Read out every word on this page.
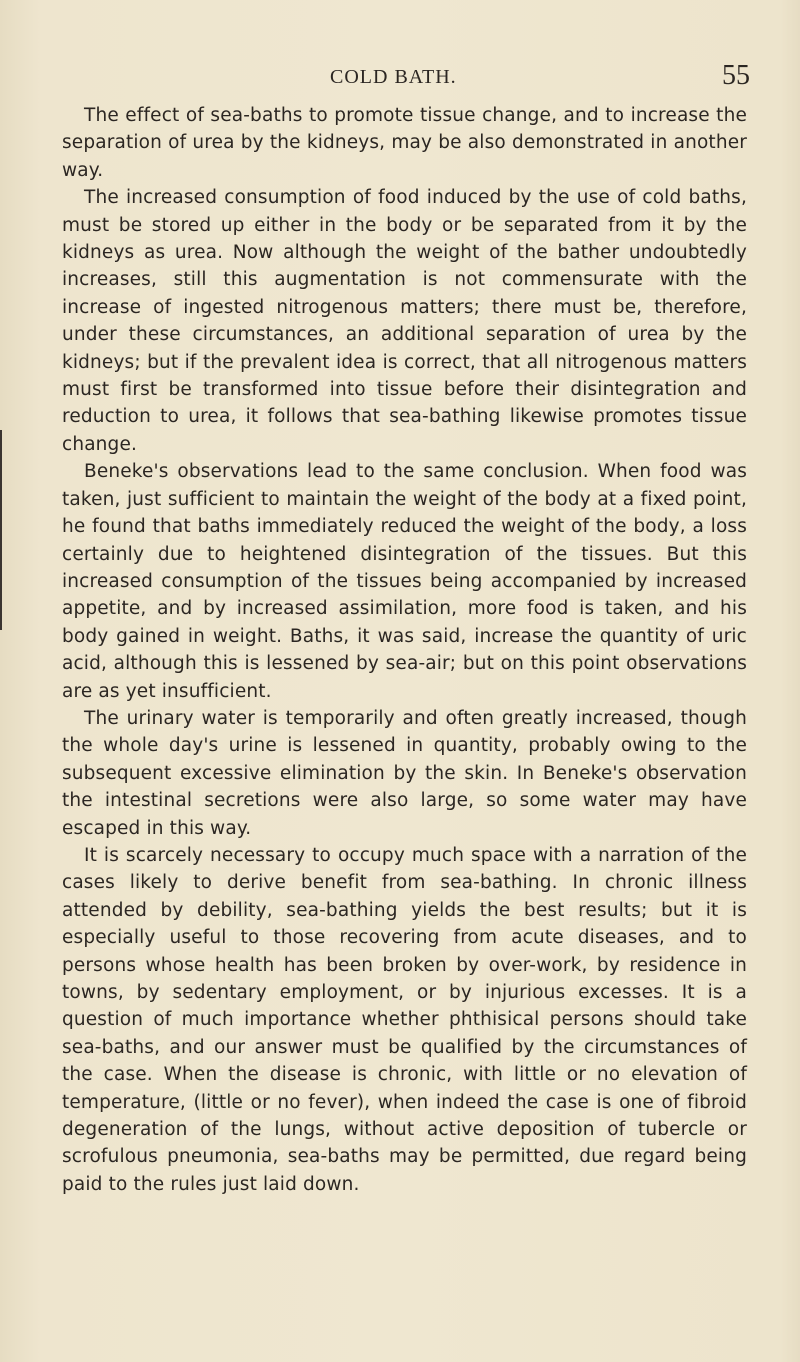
COLD BATH.	55

The effect of sea-baths to promote tissue change, and to increase the separation of urea by the kidneys, may be also demonstrated in another way.

The increased consumption of food induced by the use of cold baths, must be stored up either in the body or be separated from it by the kidneys as urea. Now although the weight of the bather undoubtedly increases, still this augmentation is not commensurate with the increase of ingested nitrogenous matters; there must be, therefore, under these circumstances, an additional separation of urea by the kidneys; but if the prevalent idea is correct, that all nitrogenous matters must first be transformed into tissue before their disintegration and reduction to urea, it follows that sea-bathing likewise promotes tissue change.

Beneke's observations lead to the same conclusion. When food was taken, just sufficient to maintain the weight of the body at a fixed point, he found that baths immediately reduced the weight of the body, a loss certainly due to heightened disintegration of the tissues. But this increased consumption of the tissues being accompanied by increased appetite, and by increased assimilation, more food is taken, and his body gained in weight. Baths, it was said, increase the quantity of uric acid, although this is lessened by sea-air; but on this point observations are as yet insufficient.

The urinary water is temporarily and often greatly increased, though the whole day's urine is lessened in quantity, probably owing to the subsequent excessive elimination by the skin. In Beneke's observation the intestinal secretions were also large, so some water may have escaped in this way.

It is scarcely necessary to occupy much space with a narration of the cases likely to derive benefit from sea-bathing. In chronic illness attended by debility, sea-bathing yields the best results; but it is especially useful to those recovering from acute diseases, and to persons whose health has been broken by over-work, by residence in towns, by sedentary employment, or by injurious excesses. It is a question of much importance whether phthisical persons should take sea-baths, and our answer must be qualified by the circumstances of the case. When the disease is chronic, with little or no elevation of temperature, (little or no fever), when indeed the case is one of fibroid degeneration of the lungs, without active deposition of tubercle or scrofulous pneumonia, sea-baths may be permitted, due regard being paid to the rules just laid down.
